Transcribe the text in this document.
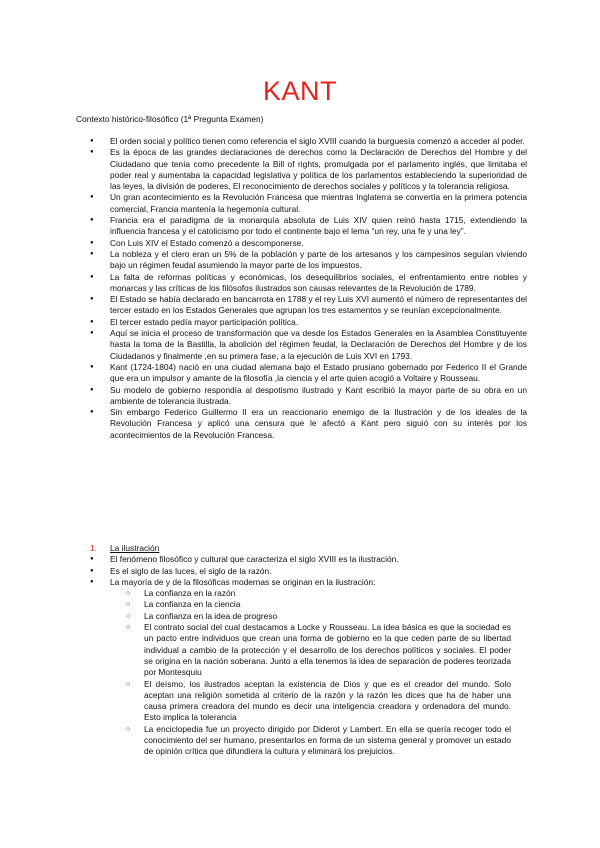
KANT
Contexto histórico-filosófico (1ª Pregunta Examen)
● El orden social y político tienen como referencia el siglo XVIII cuando la burguesía comenzó a acceder al poder.
● Es la época de las grandes declaraciones de derechos como la Declaración de Derechos del Hombre y del Ciudadano que tenía como precedente la Bill of rights, promulgada por el parlamento inglés, que limitaba el poder real y aumentaba la capacidad legislativa y política de los parlamentos estableciendo la superioridad de las leyes, la división de poderes, El reconocimiento de derechos sociales y políticos y la tolerancia religiosa.
● Un gran acontecimiento es la Revolución Francesa que mientras Inglaterra se convertía en la primera potencia comercial, Francia mantenía la hegemonía cultural.
● Francia era el paradigma de la monarquía absoluta de Luis XIV quien reinó hasta 1715, extendiendo la influencia francesa y el catolicismo por todo el continente bajo el lema “un rey, una fe y una ley”.
● Con Luis XIV el Estado comenzó a descomponerse.
● La nobleza y el clero eran un 5% de la población y parte de los artesanos y los campesinos seguían viviendo bajo un régimen feudal asumiendo la mayor parte de los impuestos.
● La falta de reformas políticas y económicas, los desequilibrios sociales, el enfrentamiento entre nobles y monarcas y las críticas de los filósofos ilustrados son causas relevantes de la Revolución de 1789.
● El Estado se había declarado en bancarrota en 1788 y el rey Luis XVI aumentó el número de representantes del tercer estado en los Estados Generales que agrupan los tres estamentos y se reunían excepcionalmente.
● El tercer estado pedía mayor participación política.
● Aquí se inicia el proceso de transformación que va desde los Estados Generales en la Asamblea Constituyente hasta la toma de la Bastilla, la abolición del régimen feudal, la Declaración de Derechos del Hombre y de los Ciudadanos y finalmente ,en su primera fase, a la ejecución de Luis XVI en 1793.
● Kant (1724-1804) nació en una ciudad alemana bajo el Estado prusiano gobernado por Federico II el Grande que era un impulsor y amante de la filosofía ,la ciencia y el arte quien acogió a Voltaire y Rousseau.
● Su modelo de gobierno respondía al despotismo ilustrado y Kant escribió la mayor parte de su obra en un ambiente de tolerancia ilustrada.
● Sin embargo Federico Guillermo II era un reaccionario enemigo de la Ilustración y de los ideales de la Revolución Francesa y aplicó una censura que le afectó a Kant pero siguió con su interés por los acontecimientos de la Revolución Francesa.
1. La ilustración
● El fenómeno filosófico y cultural que caracteriza el siglo XVIII es la ilustración.
● Es el siglo de las luces, el siglo de la razón.
● La mayoría de y de la filosóficas modernas se originan en la ilustración:
○ La confianza en la razón
○ La confianza en la ciencia
○ La confianza en la idea de progreso
○ El contrato social del cual destacamos a Locke y Rousseau. La idea básica es que la sociedad es un pacto entre individuos que crean una forma de gobierno en la que ceden parte de su libertad individual a cambio de la protección y el desarrollo de los derechos políticos y sociales. El poder se origina en la nación soberana. Junto a ella tenemos la idea de separación de poderes teorizada por Montesquiu
○ El deísmo, los ilustrados aceptan la existencia de Dios y que es el creador del mundo. Solo aceptan una religión sometida al criterio de la razón y la razón les dices que ha de haber una causa primera creadora del mundo es decir una inteligencia creadora y ordenadora del mundo. Esto implica la tolerancia
○ La enciclopedia fue un proyecto dirigido por Diderot y Lambert. En ella se quería recoger todo el conocimiento del ser humano, presentarlos en forma de un sistema general y promover un estado de opinión crítica que difundiera la cultura y eliminará los prejuicios.
